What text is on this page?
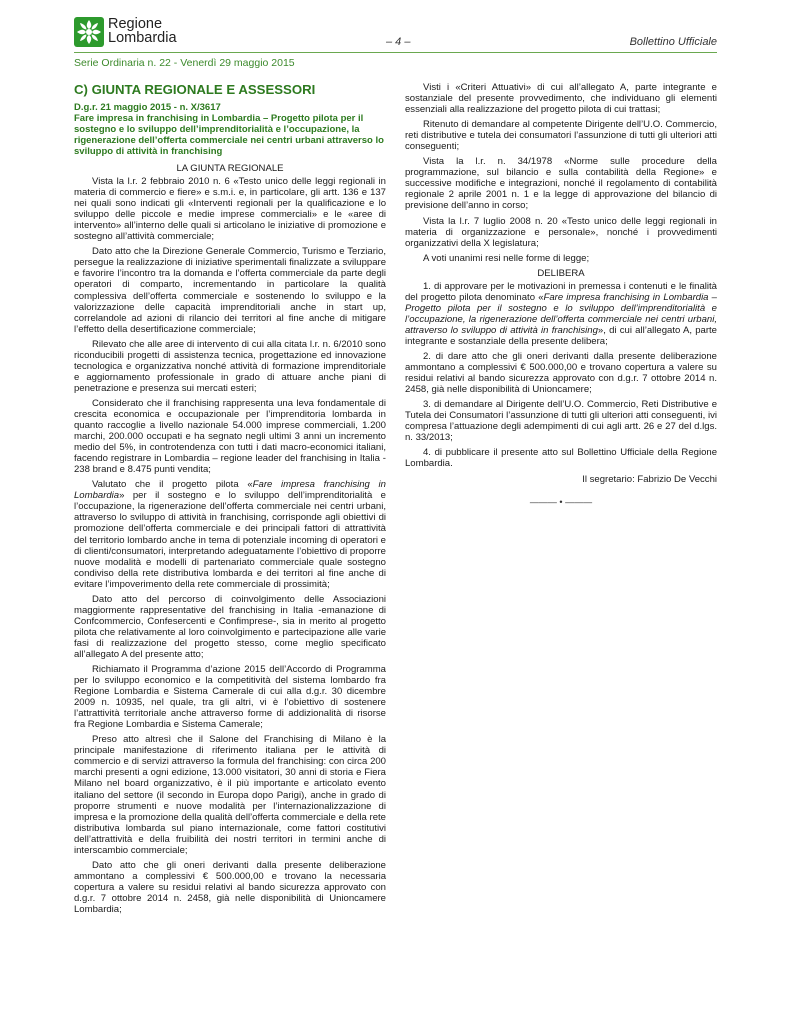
Regione
Lombardia	– 4 –	Bollettino Ufficiale
Serie Ordinaria n. 22 - Venerdì 29 maggio 2015
C) GIUNTA REGIONALE E ASSESSORI
D.g.r. 21 maggio 2015 - n. X/3617
Fare impresa in franchising in Lombardia – Progetto pilota per il sostegno e lo sviluppo dell’imprenditorialità e l’occupazione, la rigenerazione dell’offerta commerciale nei centri urbani attraverso lo sviluppo di attività in franchising
LA GIUNTA REGIONALE

Vista la l.r. 2 febbraio 2010 n. 6 «Testo unico delle leggi regionali in materia di commercio e fiere» e s.m.i. e, in particolare, gli artt. 136 e 137 nei quali sono indicati gli «Interventi regionali per la qualificazione e lo sviluppo delle piccole e medie imprese commerciali» e le «aree di intervento» all’interno delle quali si articolano le iniziative di promozione e sostegno all’attività commerciale;

Dato atto che la Direzione Generale Commercio, Turismo e Terziario, persegue la realizzazione di iniziative sperimentali finalizzate a sviluppare e favorire l’incontro tra la domanda e l’offerta commerciale da parte degli operatori di comparto, incrementando in particolare la qualità complessiva dell’offerta commerciale e sostenendo lo sviluppo e la valorizzazione delle capacità imprenditoriali anche in start up, correlandole ad azioni di rilancio dei territori al fine anche di mitigare l’effetto della desertificazione commerciale;

Rilevato che alle aree di intervento di cui alla citata l.r. n. 6/2010 sono riconducibili progetti di assistenza tecnica, progettazione ed innovazione tecnologica e organizzativa nonché attività di formazione imprenditoriale e aggiornamento professionale in grado di attuare anche piani di penetrazione e presenza sui mercati esteri;

Considerato che il franchising rappresenta una leva fondamentale di crescita economica e occupazionale per l’imprenditoria lombarda in quanto raccoglie a livello nazionale 54.000 imprese commerciali, 1.200 marchi, 200.000 occupati e ha segnato negli ultimi 3 anni un incremento medio del 5%, in controtendenza con tutti i dati macro-economici italiani, facendo registrare in Lombardia – regione leader del franchising in Italia - 238 brand e 8.475 punti vendita;

Valutato che il progetto pilota «Fare impresa franchising in Lombardia» per il sostegno e lo sviluppo dell’imprenditorialità e l’occupazione, la rigenerazione dell’offerta commerciale nei centri urbani, attraverso lo sviluppo di attività in franchising, corrisponde agli obiettivi di promozione dell’offerta commerciale e dei principali fattori di attrattività del territorio lombardo anche in tema di potenziale incoming di operatori e di clienti/consumatori, interpretando adeguatamente l’obiettivo di proporre nuove modalità e modelli di partenariato commerciale quale sostegno condiviso della rete distributiva lombarda e dei territori al fine anche di evitare l’impoverimento della rete commerciale di prossimità;

Dato atto del percorso di coinvolgimento delle Associazioni maggiormente rappresentative del franchising in Italia -emanazione di Confcommercio, Confesercenti e Confimprese-, sia in merito al progetto pilota che relativamente al loro coinvolgimento e partecipazione alle varie fasi di realizzazione del progetto stesso, come meglio specificato all’allegato A del presente atto;

Richiamato il Programma d’azione 2015 dell’Accordo di Programma per lo sviluppo economico e la competitività del sistema lombardo fra Regione Lombardia e Sistema Camerale di cui alla d.g.r. 30 dicembre 2009 n. 10935, nel quale, tra gli altri, vi è l’obiettivo di sostenere l’attrattività territoriale anche attraverso forme di addizionalità di risorse fra Regione Lombardia e Sistema Camerale;

Preso atto altresì che il Salone del Franchising di Milano è la principale manifestazione di riferimento italiana per le attività di commercio e di servizi attraverso la formula del franchising: con circa 200 marchi presenti a ogni edizione, 13.000 visitatori, 30 anni di storia e Fiera Milano nel board organizzativo, è il più importante e articolato evento italiano del settore (il secondo in Europa dopo Parigi), anche in grado di proporre strumenti e nuove modalità per l’internazionalizzazione di impresa e la promozione della qualità dell’offerta commerciale e della rete distributiva lombarda sul piano internazionale, come fattori costitutivi dell’attrattività e della fruibilità dei nostri territori in termini anche di interscambio commerciale;

Dato atto che gli oneri derivanti dalla presente deliberazione ammontano a complessivi € 500.000,00 e trovano la necessaria copertura a valere su residui relativi al bando sicurezza approvato con d.g.r. 7 ottobre 2014 n. 2458, già nelle disponibilità di Unioncamere Lombardia;

Visti i «Criteri Attuativi» di cui all’allegato A, parte integrante e sostanziale del presente provvedimento, che individuano gli elementi essenziali alla realizzazione del progetto pilota di cui trattasi;

Ritenuto di demandare al competente Dirigente dell’U.O. Commercio, reti distributive e tutela dei consumatori l’assunzione di tutti gli ulteriori atti conseguenti;

Vista la l.r. n. 34/1978 «Norme sulle procedure della programmazione, sul bilancio e sulla contabilità della Regione» e successive modifiche e integrazioni, nonché il regolamento di contabilità regionale 2 aprile 2001 n. 1 e la legge di approvazione del bilancio di previsione dell’anno in corso;

Vista la l.r. 7 luglio 2008 n. 20 «Testo unico delle leggi regionali in materia di organizzazione e personale», nonché i provvedimenti organizzativi della X legislatura;

A voti unanimi resi nelle forme di legge;

DELIBERA

1. di approvare per le motivazioni in premessa i contenuti e le finalità del progetto pilota denominato «Fare impresa franchising in Lombardia – Progetto pilota per il sostegno e lo sviluppo dell’imprenditorialità e l’occupazione, la rigenerazione dell’offerta commerciale nei centri urbani, attraverso lo sviluppo di attività in franchising», di cui all’allegato A, parte integrante e sostanziale della presente delibera;

2. di dare atto che gli oneri derivanti dalla presente deliberazione ammontano a complessivi € 500.000,00 e trovano copertura a valere su residui relativi al bando sicurezza approvato con d.g.r. 7 ottobre 2014 n. 2458, già nelle disponibilità di Unioncamere;

3. di demandare al Dirigente dell’U.O. Commercio, Reti Distributive e Tutela dei Consumatori l’assunzione di tutti gli ulteriori atti conseguenti, ivi compresa l’attuazione degli adempimenti di cui agli artt. 26 e 27 del d.lgs. n. 33/2013;

4. di pubblicare il presente atto sul Bollettino Ufficiale della Regione Lombardia.

Il segretario: Fabrizio De Vecchi
——— • ———
